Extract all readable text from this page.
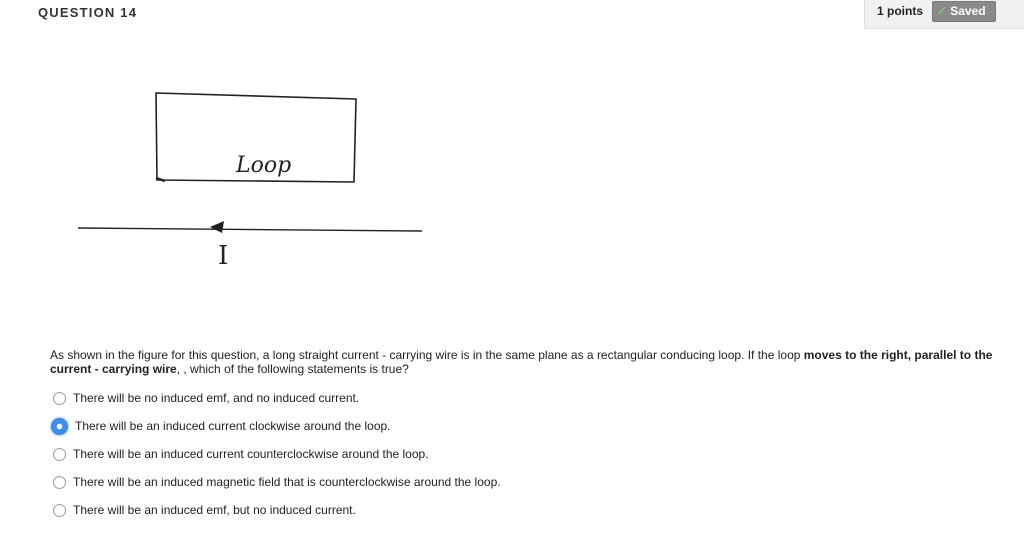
QUESTION 14	1 points	✓ Saved
Loop
I
As shown in the figure for this question, a long straight current - carrying wire is in the same plane as a rectangular conducing loop. If the loop moves to the right, parallel to the current - carrying wire, , which of the following statements is true?
There will be no induced emf, and no induced current.
There will be an induced current clockwise around the loop.
There will be an induced current counterclockwise around the loop.
There will be an induced magnetic field that is counterclockwise around the loop.
There will be an induced emf, but no induced current.
